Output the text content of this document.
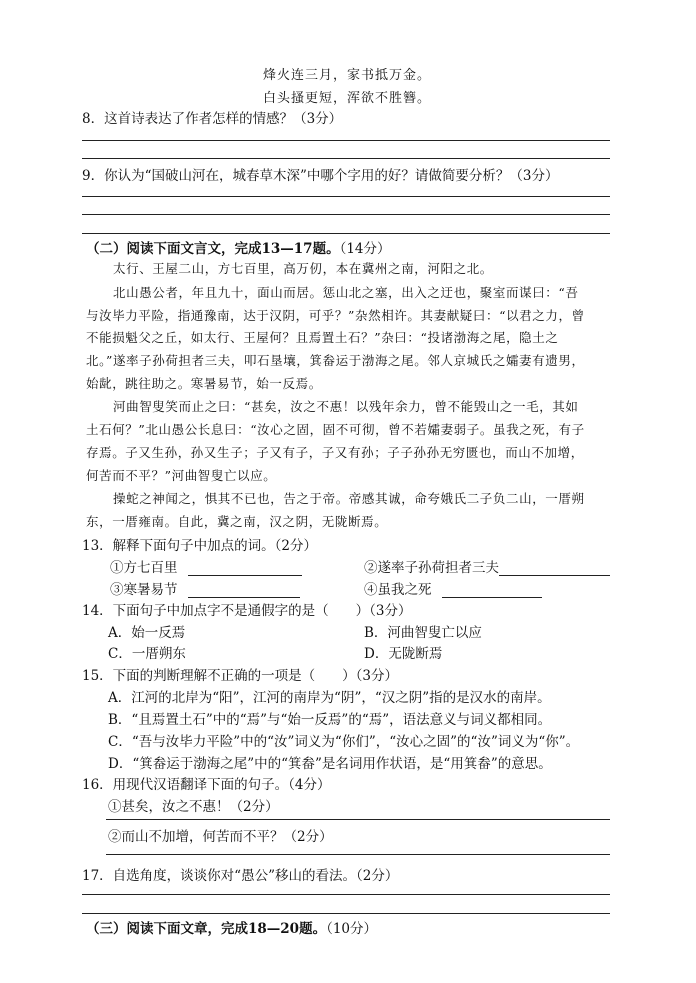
烽火连三月，家书抵万金。
白头搔更短，浑欲不胜簪。
8．这首诗表达了作者怎样的情感？（3分）
9．你认为“国破山河在，城春草木深”中哪个字用的好？请做简要分析？（3分）
（二）阅读下面文言文，完成13—17题。（14分）
太行、王屋二山，方七百里，高万仞，本在冀州之南，河阳之北。
北山愚公者，年且九十，面山而居。惩山北之塞，出入之迂也，聚室而谋曰：“吾
与汝毕力平险，指通豫南，达于汉阴，可乎？”杂然相许。其妻献疑曰：“以君之力，曾
不能损魁父之丘，如太行、王屋何？且焉置土石？”杂曰：“投诸渤海之尾，隐土之
北。”遂率子孙荷担者三夫，叩石垦壤，箕畚运于渤海之尾。邻人京城氏之孀妻有遗男，
始龀，跳往助之。寒暑易节，始一反焉。
河曲智叟笑而止之曰：“甚矣，汝之不惠！以残年余力，曾不能毁山之一毛，其如
土石何？”北山愚公长息曰：“汝心之固，固不可彻，曾不若孀妻弱子。虽我之死，有子
存焉。子又生孙，孙又生子；子又有子，子又有孙；子子孙孙无穷匮也，而山不加增，
何苦而不平？”河曲智叟亡以应。
操蛇之神闻之，惧其不已也，告之于帝。帝感其诚，命夸娥氏二子负二山，一厝朔
东，一厝雍南。自此，冀之南，汉之阴，无陇断焉。
13．解释下面句子中加点的词。（2分）
①方七百里	②遂率子孙荷担者三夫
③寒暑易节	④虽我之死
14．下面句子中加点字不是通假字的是（　　）（3分）
A．始一反焉	B．河曲智叟亡以应
C．一厝朔东	D．无陇断焉
15．下面的判断理解不正确的一项是（　　）（3分）
A．江河的北岸为“阳”，江河的南岸为“阴”，“汉之阴”指的是汉水的南岸。
B．“且焉置土石”中的“焉”与“始一反焉”的“焉”，语法意义与词义都相同。
C．“吾与汝毕力平险”中的“汝”词义为“你们”，“汝心之固”的“汝”词义为“你”。
D．“箕畚运于渤海之尾”中的“箕畚”是名词用作状语，是“用箕畚”的意思。
16．用现代汉语翻译下面的句子。（4分）
①甚矣，汝之不惠！（2分）
②而山不加增，何苦而不平？（2分）
17．自选角度，谈谈你对“愚公”移山的看法。（2分）
（三）阅读下面文章，完成18—20题。（10分）
